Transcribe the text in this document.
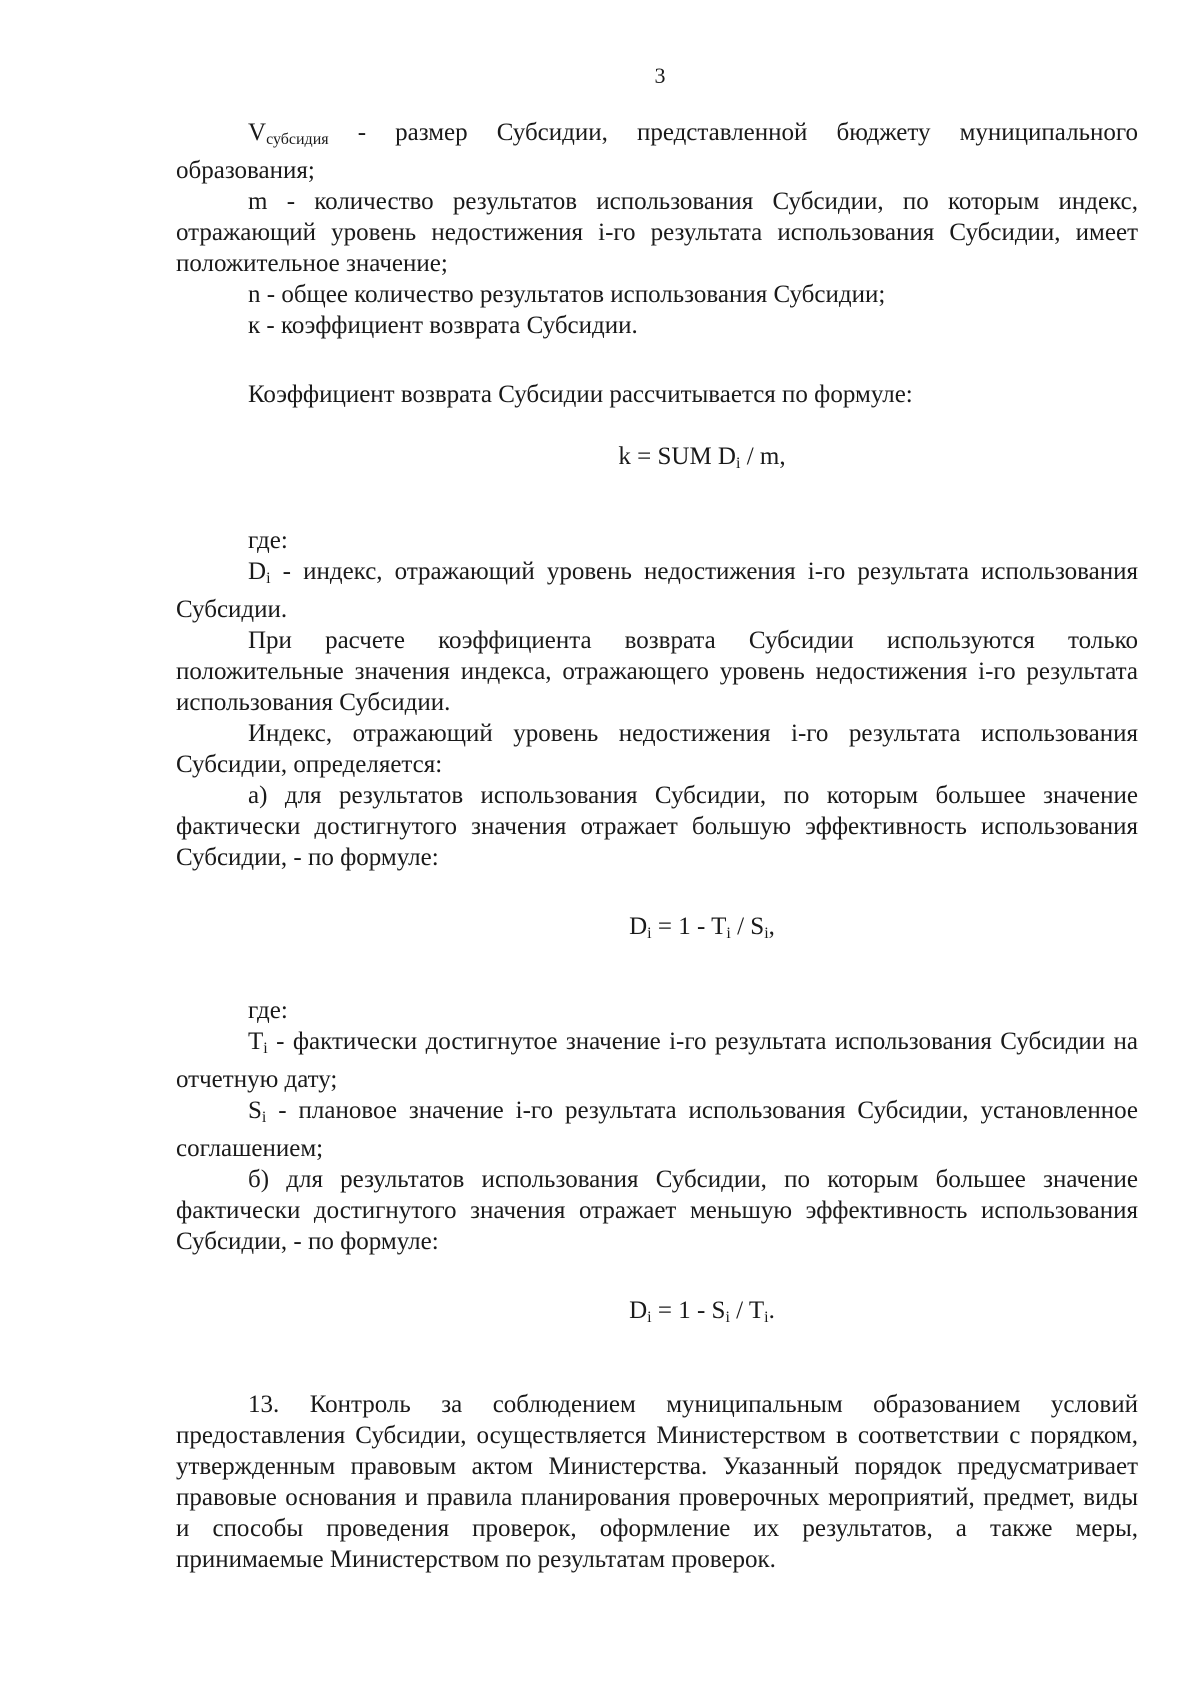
3

$V_{субсидия}$ - размер Субсидии, представленной бюджету муниципального образования;

m - количество результатов использования Субсидии, по которым индекс, отражающий уровень недостижения i-го результата использования Субсидии, имеет положительное значение;

n - общее количество результатов использования Субсидии;

к - коэффициент возврата Субсидии.

Коэффициент возврата Субсидии рассчитывается по формуле:

k = SUM $D_i$ / m,

где:

$D_i$ - индекс, отражающий уровень недостижения i-го результата использования Субсидии.

При расчете коэффициента возврата Субсидии используются только положительные значения индекса, отражающего уровень недостижения i-го результата использования Субсидии.

Индекс, отражающий уровень недостижения i-го результата использования Субсидии, определяется:

а) для результатов использования Субсидии, по которым большее значение фактически достигнутого значения отражает большую эффективность использования Субсидии, - по формуле:

$D_i = 1 - T_i / S_i$,

где:

$T_i$ - фактически достигнутое значение i-го результата использования Субсидии на отчетную дату;

$S_i$ - плановое значение i-го результата использования Субсидии, установленное соглашением;

б) для результатов использования Субсидии, по которым большее значение фактически достигнутого значения отражает меньшую эффективность использования Субсидии, - по формуле:

$D_i = 1 - S_i / T_i$.

13. Контроль за соблюдением муниципальным образованием условий предоставления Субсидии, осуществляется Министерством в соответствии с порядком, утвержденным правовым актом Министерства. Указанный порядок предусматривает правовые основания и правила планирования проверочных мероприятий, предмет, виды и способы проведения проверок, оформление их результатов, а также меры, принимаемые Министерством по результатам проверок.
